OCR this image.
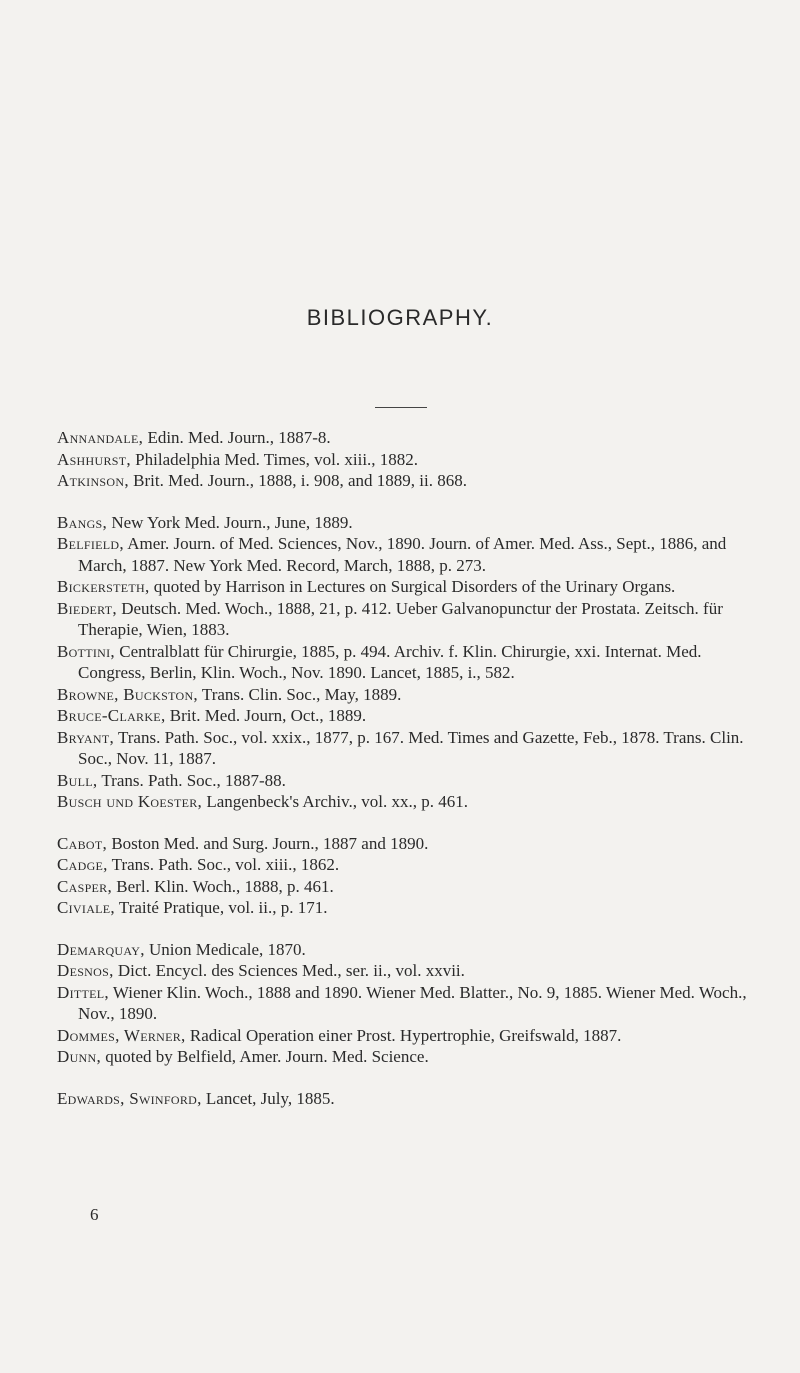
BIBLIOGRAPHY.

Annandale, Edin. Med. Journ., 1887-8.

Ashhurst, Philadelphia Med. Times, vol. xiii., 1882.

Atkinson, Brit. Med. Journ., 1888, i. 908, and 1889, ii. 868.

Bangs, New York Med. Journ., June, 1889.

Belfield, Amer. Journ. of Med. Sciences, Nov., 1890. Journ. of Amer. Med. Ass., Sept., 1886, and March, 1887. New York Med. Record, March, 1888, p. 273.

Bickersteth, quoted by Harrison in Lectures on Surgical Disorders of the Urinary Organs.

Biedert, Deutsch. Med. Woch., 1888, 21, p. 412. Ueber Galvanopunctur der Prostata. Zeitsch. für Therapie, Wien, 1883.

Bottini, Centralblatt für Chirurgie, 1885, p. 494. Archiv. f. Klin. Chirurgie, xxi. Internat. Med. Congress, Berlin, Klin. Woch., Nov. 1890. Lancet, 1885, i., 582.

Browne, Buckston, Trans. Clin. Soc., May, 1889.

Bruce-Clarke, Brit. Med. Journ, Oct., 1889.

Bryant, Trans. Path. Soc., vol. xxix., 1877, p. 167. Med. Times and Gazette, Feb., 1878. Trans. Clin. Soc., Nov. 11, 1887.

Bull, Trans. Path. Soc., 1887-88.

Busch und Koester, Langenbeck's Archiv., vol. xx., p. 461.

Cabot, Boston Med. and Surg. Journ., 1887 and 1890.

Cadge, Trans. Path. Soc., vol. xiii., 1862.

Casper, Berl. Klin. Woch., 1888, p. 461.

Civiale, Traité Pratique, vol. ii., p. 171.

Demarquay, Union Medicale, 1870.

Desnos, Dict. Encycl. des Sciences Med., ser. ii., vol. xxvii.

Dittel, Wiener Klin. Woch., 1888 and 1890. Wiener Med. Blatter., No. 9, 1885. Wiener Med. Woch., Nov., 1890.

Dommes, Werner, Radical Operation einer Prost. Hypertrophie, Greifswald, 1887.

Dunn, quoted by Belfield, Amer. Journ. Med. Science.

Edwards, Swinford, Lancet, July, 1885.

6
